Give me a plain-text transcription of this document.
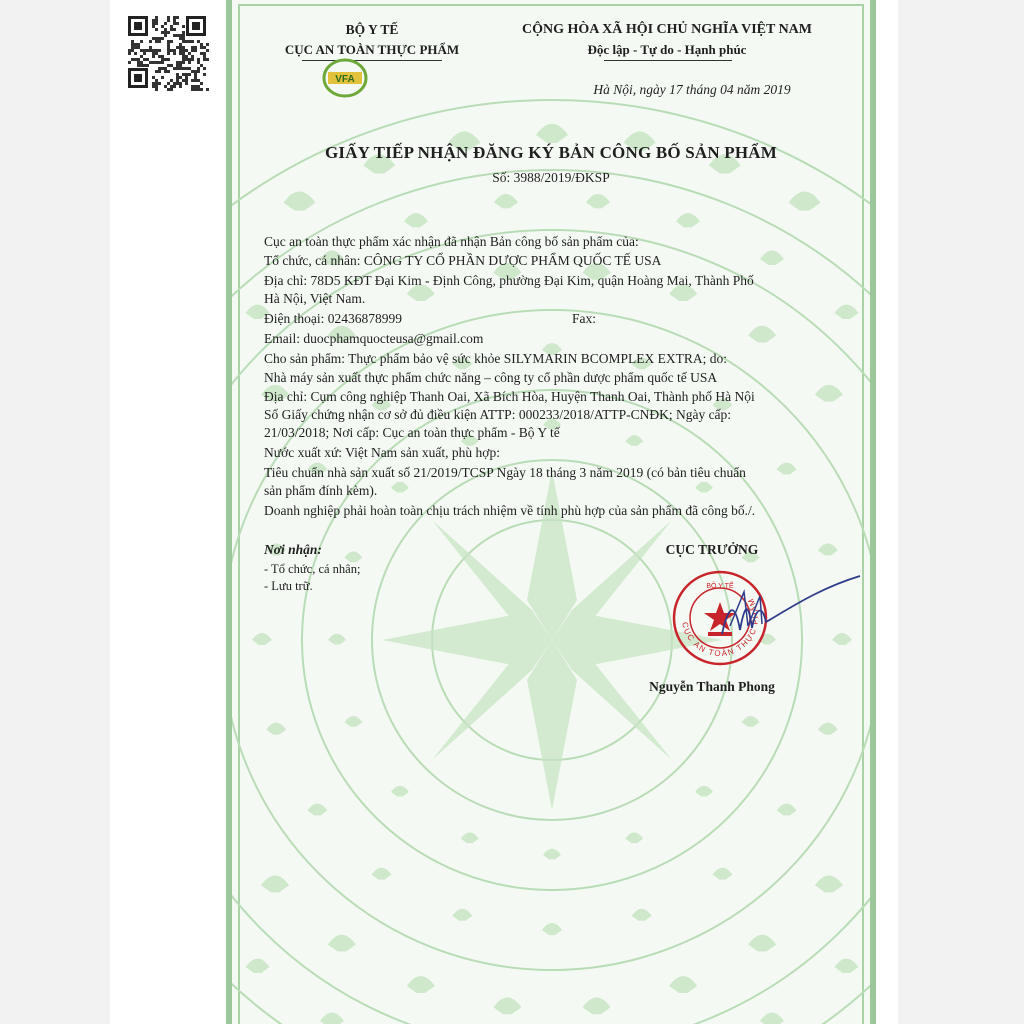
BỘ Y TẾ
CỤC AN TOÀN THỰC PHẨM
VFA
CỘNG HÒA XÃ HỘI CHỦ NGHĨA VIỆT NAM
Độc lập - Tự do - Hạnh phúc
Hà Nội, ngày 17 tháng 04 năm 2019
GIẤY TIẾP NHẬN ĐĂNG KÝ BẢN CÔNG BỐ SẢN PHẨM
Số: 3988/2019/ĐKSP
Cục an toàn thực phẩm xác nhận đã nhận Bản công bố sản phẩm của:
Tổ chức, cá nhân: CÔNG TY CỔ PHẦN DƯỢC PHẨM QUỐC TẾ USA
Địa chỉ: 78D5 KĐT Đại Kim - Định Công, phường Đại Kim, quận Hoàng Mai, Thành Phố
Hà Nội, Việt Nam.
Điện thoại: 02436878999	Fax:
Email: duocphamquoctеusa@gmail.com
Cho sản phẩm: Thực phẩm bảo vệ sức khỏe SILYMARIN BCOMPLEX EXTRA; do:
Nhà máy sản xuất thực phẩm chức năng – công ty cổ phần dược phẩm quốc tế USA
Địa chỉ: Cụm công nghiệp Thanh Oai, Xã Bích Hòa, Huyện Thanh Oai, Thành phố Hà Nội
Số Giấy chứng nhận cơ sở đủ điều kiện ATTP: 000233/2018/ATTP-CNĐK; Ngày cấp:
21/03/2018; Nơi cấp: Cục an toàn thực phẩm - Bộ Y tế
Nước xuất xứ: Việt Nam sản xuất, phù hợp:
Tiêu chuẩn nhà sản xuất số 21/2019/TCSP Ngày 18 tháng 3 năm 2019 (có bản tiêu chuẩn
sản phẩm đính kèm).
Doanh nghiệp phải hoàn toàn chịu trách nhiệm về tính phù hợp của sản phẩm đã công bố./.
Nơi nhận:
- Tổ chức, cá nhân;
- Lưu trữ.
CỤC TRƯỞNG
CỤC AN TOÀN THỰC PHẨM
BỘ Y TẾ
Nguyễn Thanh Phong
